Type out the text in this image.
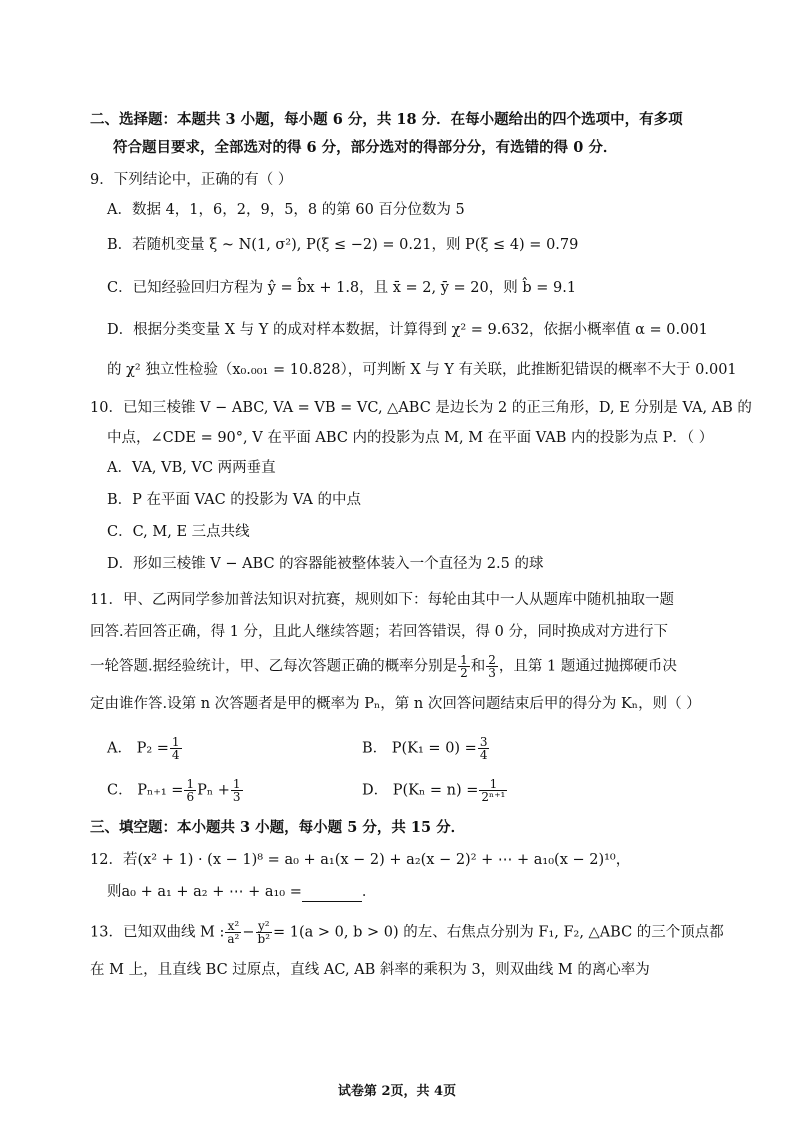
二、选择题：本题共 3 小题，每小题 6 分，共 18 分．在每小题给出的四个选项中，有多项
符合题目要求，全部选对的得 6 分，部分选对的得部分分，有选错的得 0 分．
9．下列结论中，正确的有（ ）
A．数据 4，1，6，2，9，5，8 的第 60 百分位数为 5
B．若随机变量 ξ ~ N(1, σ²), P(ξ ≤ −2) = 0.21，则 P(ξ ≤ 4) = 0.79
C．已知经验回归方程为 ŷ = b̂x + 1.8，且 x̄ = 2, ȳ = 20，则 b̂ = 9.1
D．根据分类变量 X 与 Y 的成对样本数据，计算得到 χ² = 9.632，依据小概率值 α = 0.001
的 χ² 独立性检验（x₀.₀₀₁ = 10.828），可判断 X 与 Y 有关联，此推断犯错误的概率不大于 0.001
10．已知三棱锥 V − ABC, VA = VB = VC, △ABC 是边长为 2 的正三角形，D, E 分别是 VA, AB 的
中点，∠CDE = 90°, V 在平面 ABC 内的投影为点 M, M 在平面 VAB 内的投影为点 P．（ ）
A．VA, VB, VC 两两垂直
B．P 在平面 VAC 的投影为 VA 的中点
C．C, M, E 三点共线
D．形如三棱锥 V − ABC 的容器能被整体装入一个直径为 2.5 的球
11．甲、乙两同学参加普法知识对抗赛，规则如下：每轮由其中一人从题库中随机抽取一题
回答.若回答正确，得 1 分，且此人继续答题；若回答错误，得 0 分，同时换成对方进行下
一轮答题.据经验统计，甲、乙每次答题正确的概率分别是 $\frac{1}{2}$ 和 $\frac{2}{3}$ ，且第 1 题通过抛掷硬币决
定由谁作答.设第 n 次答题者是甲的概率为 Pₙ，第 n 次回答问题结束后甲的得分为 Kₙ，则（ ）
A． $P_2 = \frac{1}{4}$	B． $P(K_1 = 0) = \frac{3}{4}$
C． $P_{n+1} = \frac{1}{6}$ $P_n + \frac{1}{3}$	D． $P(K_n = n) = \frac{1}{\text{2ⁿ⁺¹}}$
三、填空题：本小题共 3 小题，每小题 5 分，共 15 分．
12．若(x² + 1) · (x − 1)⁸ = a₀ + a₁(x − 2) + a₂(x − 2)² + ⋯ + a₁₀(x − 2)¹⁰，
则a₀ + a₁ + a₂ + ⋯ + a₁₀ =	．
13．已知双曲线 M : $\frac{\text{x²}}{\text{a²}} - \frac{\text{y²}}{\text{b²}} = 1(a > 0$, b > 0) 的左、右焦点分别为 F₁, F₂, △ABC 的三个顶点都
在 M 上，且直线 BC 过原点，直线 AC, AB 斜率的乘积为 3，则双曲线 M 的离心率为
试卷第 2页，共 4页
